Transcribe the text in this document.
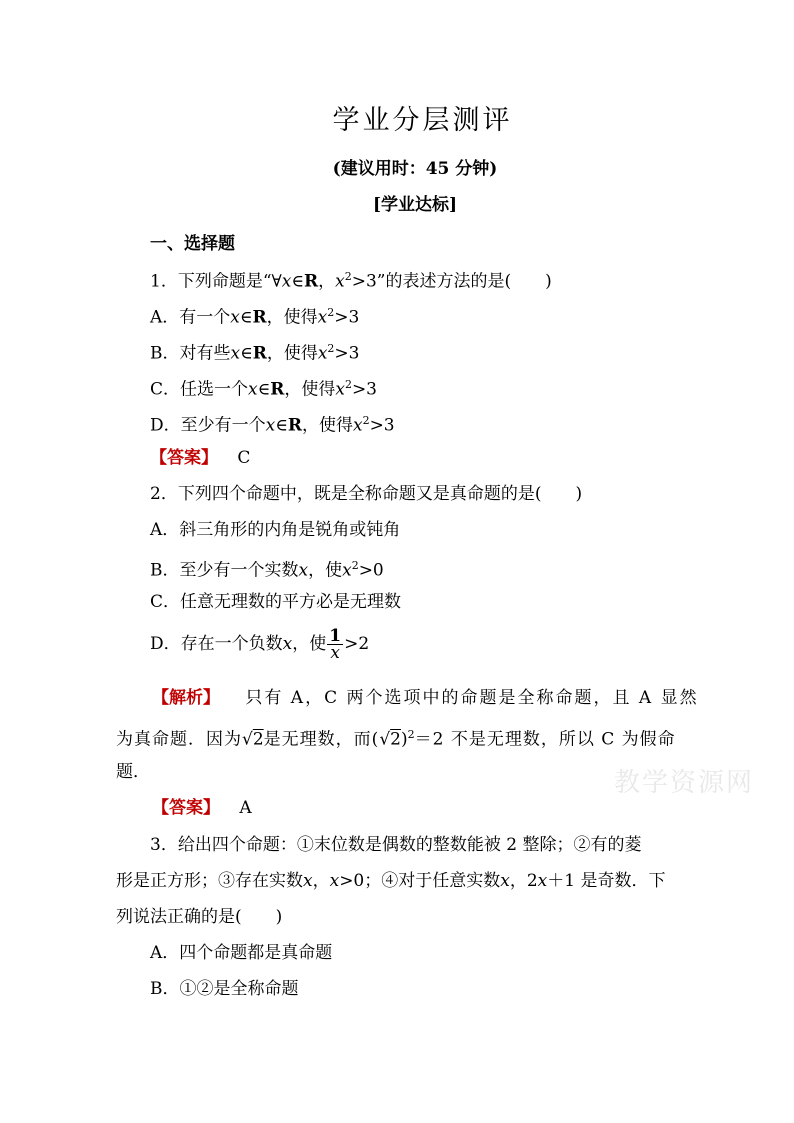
学业分层测评
(建议用时：45 分钟)
[学业达标]
一、选择题
1．下列命题是“∀x∈R，$x^2>3$”的表述方法的是(　　)
A．有一个x∈R，使得$x^2>3$
B．对有些x∈R，使得$x^2>3$
C．任选一个x∈R，使得$x^2>3$
D．至少有一个x∈R，使得$x^2>3$
【答案】 C
2．下列四个命题中，既是全称命题又是真命题的是(　　)
A．斜三角形的内角是锐角或钝角
B．至少有一个实数x，使$x^2>0$
C．任意无理数的平方必是无理数
D．存在一个负数x，使 $\frac{1}{x} >2$
【解析】 只有 A，C 两个选项中的命题是全称命题，且 A 显然
为真命题．因为√2是无理数，而$(√2)^2=2$ 不是无理数，所以 C 为假命
题．	教学资源网
【答案】 A
3．给出四个命题：①末位数是偶数的整数能被 2 整除；②有的菱
形是正方形；③存在实数x，x>0；④对于任意实数x，2x＋1 是奇数．下
列说法正确的是(　　)
A．四个命题都是真命题
B．①②是全称命题
